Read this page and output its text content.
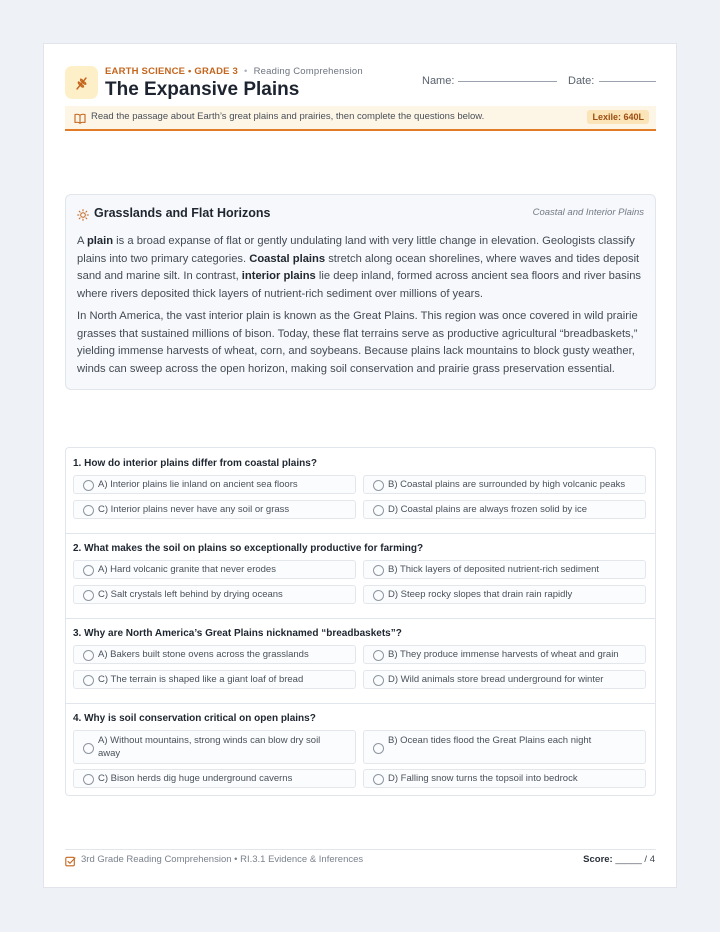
EARTH SCIENCE • GRADE 3 • Reading Comprehension
The Expansive Plains	Name:	Date:
Read the passage about Earth’s great plains and prairies, then complete the questions below.	Lexile: 640L
Grasslands and Flat Horizons	Coastal and Interior Plains

A plain is a broad expanse of flat or gently undulating land with very little change in elevation. Geologists classify plains into two primary categories. Coastal plains stretch along ocean shorelines, where waves and tides deposit sand and marine silt. In contrast, interior plains lie deep inland, formed across ancient sea floors and river basins where rivers deposited thick layers of nutrient-rich sediment over millions of years.

In North America, the vast interior plain is known as the Great Plains. This region was once covered in wild prairie grasses that sustained millions of bison. Today, these flat terrains serve as productive agricultural “breadbaskets,” yielding immense harvests of wheat, corn, and soybeans. Because plains lack mountains to block gusty weather, winds can sweep across the open horizon, making soil conservation and prairie grass preservation essential.

1. How do interior plains differ from coastal plains?
A) Interior plains lie inland on ancient sea floors	B) Coastal plains are surrounded by high volcanic peaks
C) Interior plains never have any soil or grass	D) Coastal plains are always frozen solid by ice
2. What makes the soil on plains so exceptionally productive for farming?
A) Hard volcanic granite that never erodes	B) Thick layers of deposited nutrient-rich sediment
C) Salt crystals left behind by drying oceans	D) Steep rocky slopes that drain rain rapidly
3. Why are North America’s Great Plains nicknamed “breadbaskets”?
A) Bakers built stone ovens across the grasslands	B) They produce immense harvests of wheat and grain
C) The terrain is shaped like a giant loaf of bread	D) Wild animals store bread underground for winter
4. Why is soil conservation critical on open plains?
A) Without mountains, strong winds can blow dry soil away
B) Ocean tides flood the Great Plains each night
C) Bison herds dig huge underground caverns	D) Falling snow turns the topsoil into bedrock
3rd Grade Reading Comprehension • RI.3.1 Evidence & Inferences	Score: _____ / 4
